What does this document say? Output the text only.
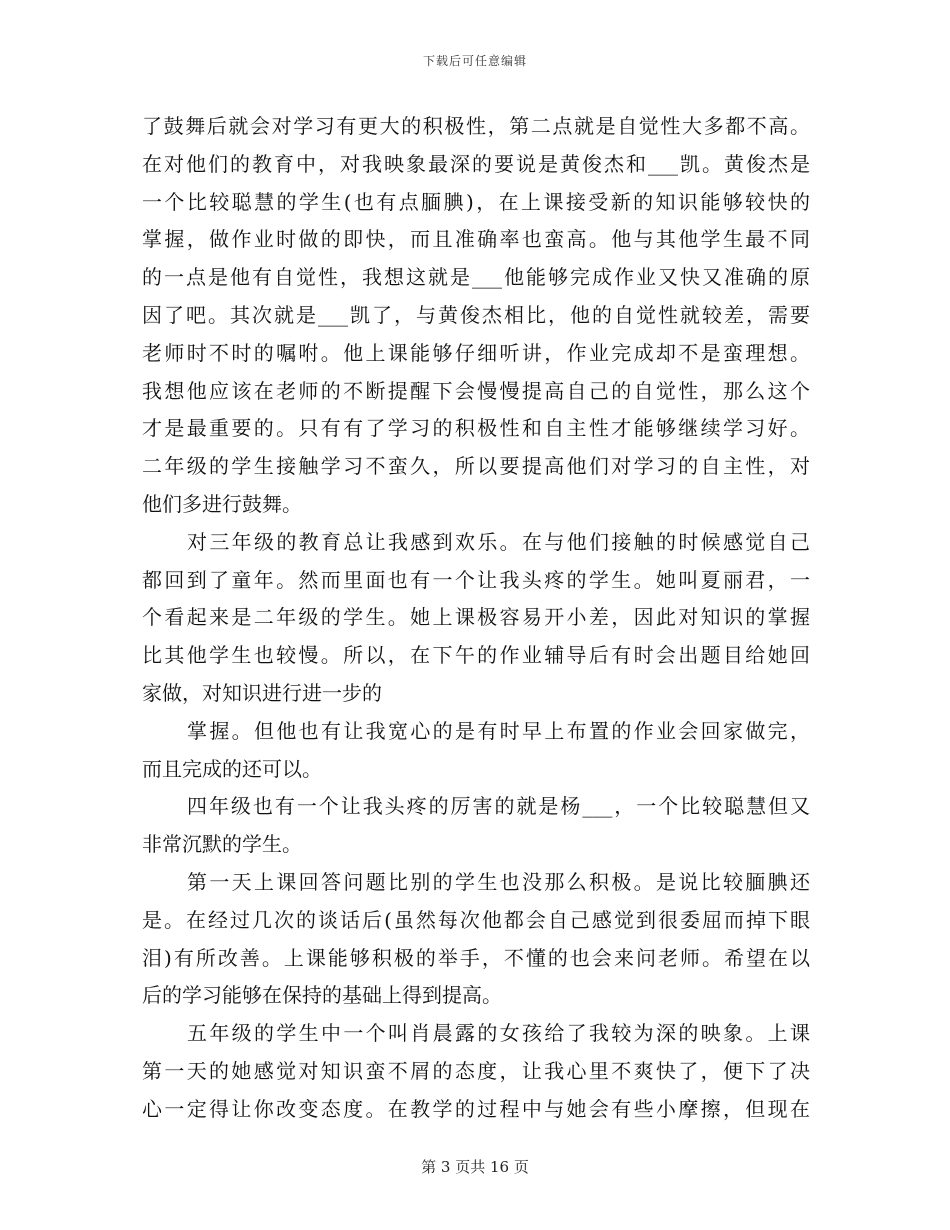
下载后可任意编辑
了鼓舞后就会对学习有更大的积极性，第二点就是自觉性大多都不高。
在对他们的教育中，对我映象最深的要说是黄俊杰和___凯。黄俊杰是
一个比较聪慧的学生(也有点腼腆)，在上课接受新的知识能够较快的
掌握，做作业时做的即快，而且准确率也蛮高。他与其他学生最不同
的一点是他有自觉性，我想这就是___他能够完成作业又快又准确的原
因了吧。其次就是___凯了，与黄俊杰相比，他的自觉性就较差，需要
老师时不时的嘱咐。他上课能够仔细听讲，作业完成却不是蛮理想。
我想他应该在老师的不断提醒下会慢慢提高自己的自觉性，那么这个
才是最重要的。只有有了学习的积极性和自主性才能够继续学习好。
二年级的学生接触学习不蛮久，所以要提高他们对学习的自主性，对
他们多进行鼓舞。
对三年级的教育总让我感到欢乐。在与他们接触的时候感觉自己
都回到了童年。然而里面也有一个让我头疼的学生。她叫夏丽君，一
个看起来是二年级的学生。她上课极容易开小差，因此对知识的掌握
比其他学生也较慢。所以，在下午的作业辅导后有时会出题目给她回
家做，对知识进行进一步的
掌握。但他也有让我宽心的是有时早上布置的作业会回家做完，
而且完成的还可以。
四年级也有一个让我头疼的厉害的就是杨___，一个比较聪慧但又
非常沉默的学生。
第一天上课回答问题比别的学生也没那么积极。是说比较腼腆还
是。在经过几次的谈话后(虽然每次他都会自己感觉到很委屈而掉下眼
泪)有所改善。上课能够积极的举手，不懂的也会来问老师。希望在以
后的学习能够在保持的基础上得到提高。
五年级的学生中一个叫肖晨露的女孩给了我较为深的映象。上课
第一天的她感觉对知识蛮不屑的态度，让我心里不爽快了，便下了决
心一定得让你改变态度。在教学的过程中与她会有些小摩擦，但现在
第 3 页共 16 页
